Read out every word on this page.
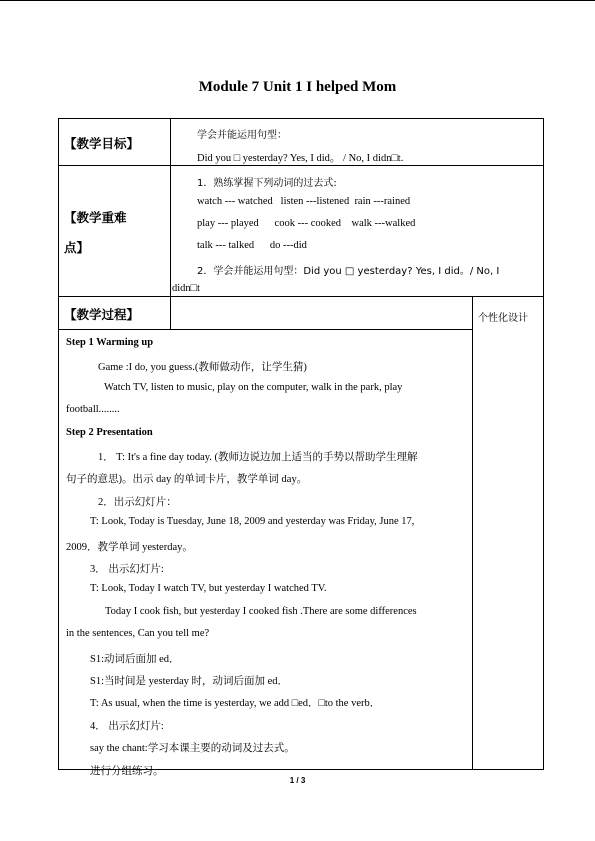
Module 7 Unit 1 I helped Mom
【教学目标】
学会并能运用句型：
Did you □ yesterday? Yes, I did。 / No, I didn□t.
【教学重难
点】
1．熟练掌握下列动词的过去式:
watch --- watched   listen ---listened  rain ---rained
play --- played      cook --- cooked    walk ---walked
talk --- talked      do ---did
2．学会并能运用句型：Did you □ yesterday? Yes, I did。/ No, I
didn□t
【教学过程】	个性化设计
Step 1 Warming up
Game :I do, you guess.(教师做动作，让学生猜)
Watch TV, listen to music, play on the computer, walk in the park, play
football........
Step 2 Presentation
1． T: It's a fine day today. (教师边说边加上适当的手势以帮助学生理解
句子的意思)。出示 day 的单词卡片，教学单词 day。
2．出示幻灯片：
T: Look, Today is Tuesday, June 18, 2009 and yesterday was Friday, June 17,
2009．教学单词 yesterday。
3． 出示幻灯片:
T: Look, Today I watch TV, but yesterday I watched TV.
Today I cook fish, but yesterday I cooked fish .There are some differences
in the sentences, Can you tell me?
S1:动词后面加 ed．
S1:当时间是 yesterday 时，动词后面加 ed．
T: As usual, when the time is yesterday, we add □ed．□to the verb．
4． 出示幻灯片:
say the chant:学习本课主要的动词及过去式。
进行分组练习。
1 / 3
